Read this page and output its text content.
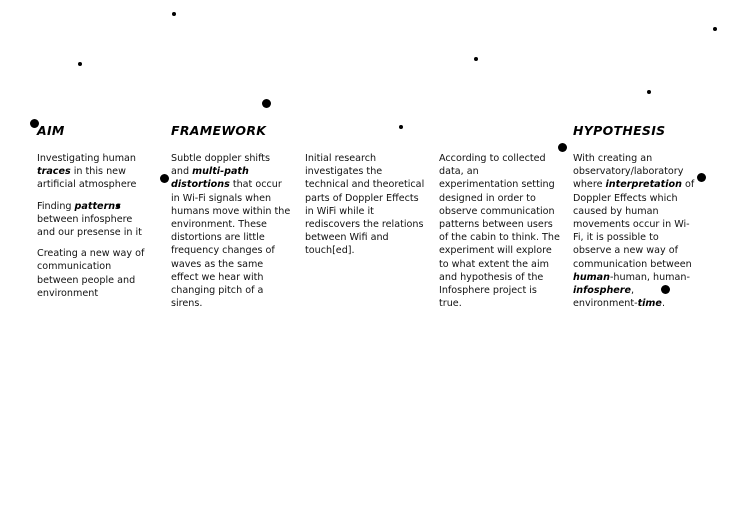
AIM

Investigating human traces in this new artificial atmosphere

Finding patterns between infosphere and our presense in it

Creating a new way of communication between people and environment

FRAMEWORK

Subtle doppler shifts and multi-path distortions that occur in Wi-Fi signals when humans move within the environment. These distortions are little frequency changes of waves as the same effect we hear with changing pitch of a sirens.

Initial research investigates the technical and theoretical parts of Doppler Effects in WiFi while it rediscovers the relations between Wifi and touch[ed].

According to collected data, an experimentation setting designed in order to observe communication patterns between users of the cabin to think. The experiment will explore to what extent the aim and hypothesis of the Infosphere project is true.

HYPOTHESIS

With creating an observatory/laboratory where interpretation of Doppler Effects which caused by human movements occur in Wi-Fi, it is possible to observe a new way of communication between human-human, human-infosphere, environment-time.
